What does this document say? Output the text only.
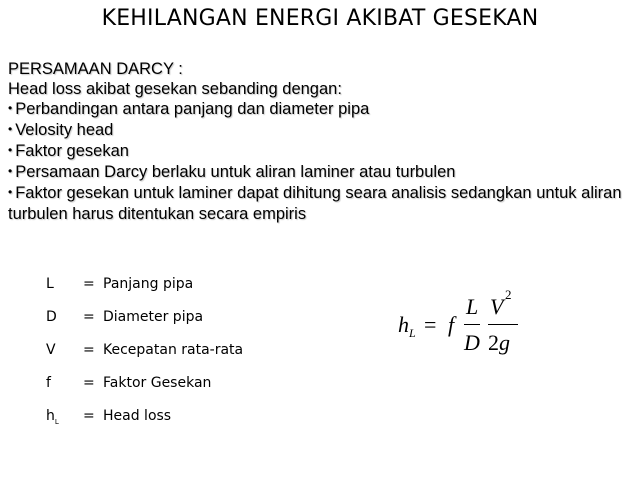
KEHILANGAN ENERGI AKIBAT GESEKAN
PERSAMAAN DARCY :
Head loss akibat gesekan sebanding dengan:
• Perbandingan antara panjang dan diameter pipa
• Velosity head
• Faktor gesekan
• Persamaan Darcy berlaku untuk aliran laminer atau turbulen
• Faktor gesekan untuk laminer dapat dihitung seara analisis sedangkan untuk aliran turbulen harus ditentukan secara empiris
L = Panjang pipa
D = Diameter pipa
V = Kecepatan rata-rata
f = Faktor Gesekan
$h_L$ = Head loss
$h_L = f$
L
D
V 2
2g
